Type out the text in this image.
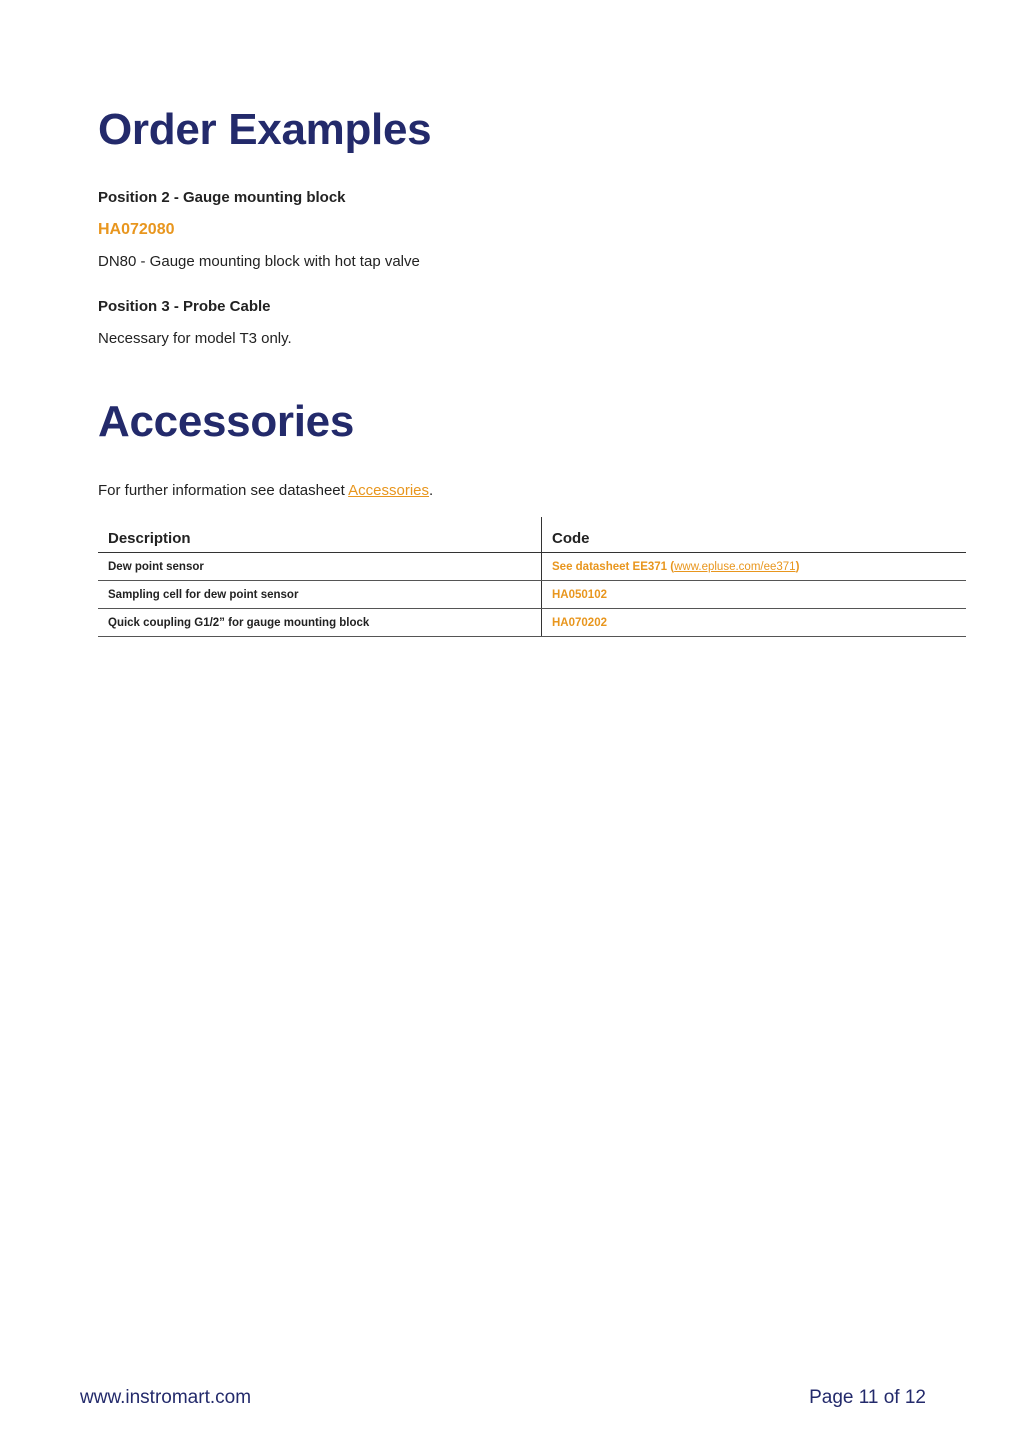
Order Examples
Position 2 - Gauge mounting block
HA072080
DN80 - Gauge mounting block with hot tap valve
Position 3 - Probe Cable
Necessary for model T3 only.
Accessories
For further information see datasheet Accessories.
Description	Code
Dew point sensor	See datasheet EE371 (www.epluse.com/ee371)
Sampling cell for dew point sensor	HA050102
Quick coupling G1/2” for gauge mounting block	HA070202
www.instromart.com	Page 11 of 12
